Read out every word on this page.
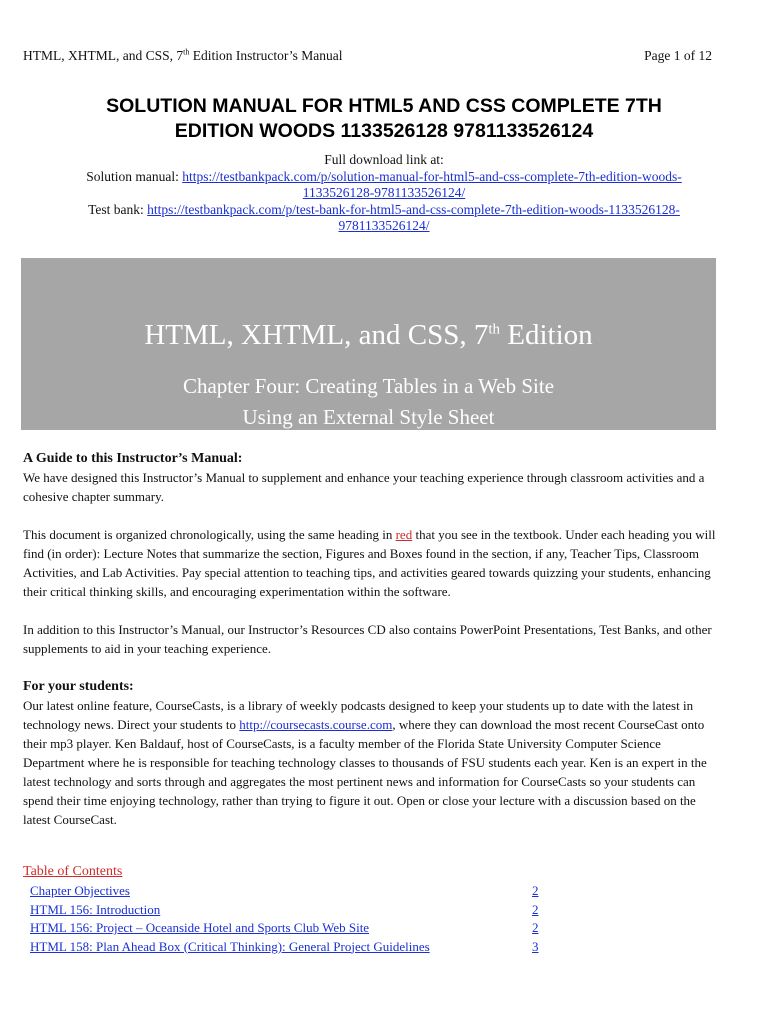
HTML, XHTML, and CSS, 7th Edition Instructor’s Manual	Page 1 of 12
SOLUTION MANUAL FOR HTML5 AND CSS COMPLETE 7TH
EDITION WOODS 1133526128 9781133526124
Full download link at:
Solution manual: https://testbankpack.com/p/solution-manual-for-html5-and-css-complete-7th-edition-woods-
1133526128-9781133526124/
Test bank: https://testbankpack.com/p/test-bank-for-html5-and-css-complete-7th-edition-woods-1133526128-
9781133526124/
HTML, XHTML, and CSS, 7th Edition
Chapter Four: Creating Tables in a Web Site
Using an External Style Sheet

A Guide to this Instructor’s Manual:

We have designed this Instructor’s Manual to supplement and enhance your teaching experience through classroom activities and a cohesive chapter summary.

This document is organized chronologically, using the same heading in red that you see in the textbook. Under each heading you will find (in order): Lecture Notes that summarize the section, Figures and Boxes found in the section, if any, Teacher Tips, Classroom Activities, and Lab Activities. Pay special attention to teaching tips, and activities geared towards quizzing your students, enhancing their critical thinking skills, and encouraging experimentation within the software.

In addition to this Instructor’s Manual, our Instructor’s Resources CD also contains PowerPoint Presentations, Test Banks, and other supplements to aid in your teaching experience.

For your students:

Our latest online feature, CourseCasts, is a library of weekly podcasts designed to keep your students up to date with the latest in technology news. Direct your students to http://coursecasts.course.com, where they can download the most recent CourseCast onto their mp3 player. Ken Baldauf, host of CourseCasts, is a faculty member of the Florida State University Computer Science Department where he is responsible for teaching technology classes to thousands of FSU students each year. Ken is an expert in the latest technology and sorts through and aggregates the most pertinent news and information for CourseCasts so your students can spend their time enjoying technology, rather than trying to figure it out. Open or close your lecture with a discussion based on the latest CourseCast.

Table of Contents
Chapter Objectives	2
HTML 156: Introduction	2
HTML 156: Project – Oceanside Hotel and Sports Club Web Site	2
HTML 158: Plan Ahead Box (Critical Thinking): General Project Guidelines	3
